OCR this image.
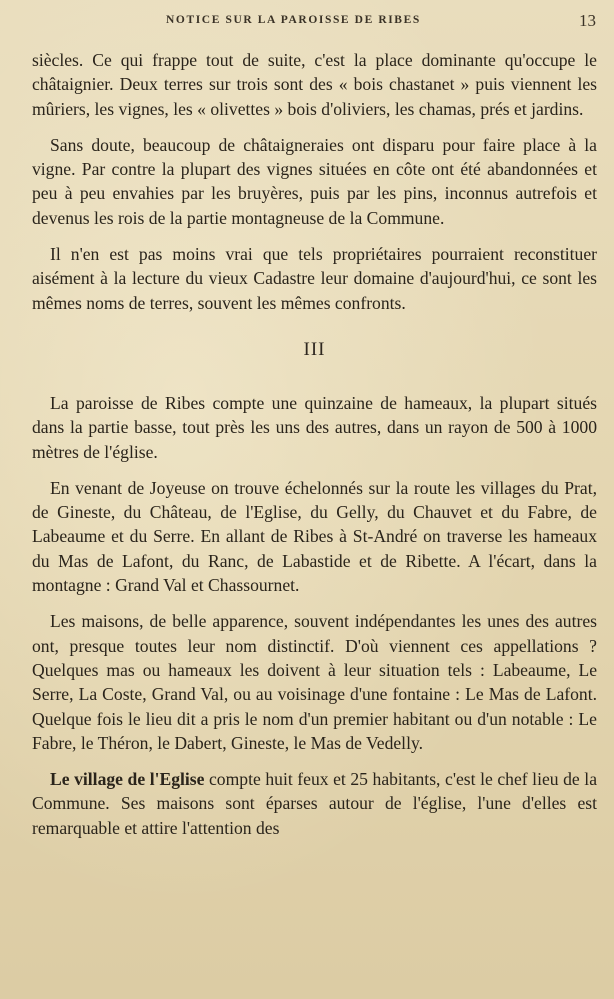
NOTICE SUR LA PAROISSE DE RIBES	13

siècles. Ce qui frappe tout de suite, c'est la place dominante qu'occupe le châtaignier. Deux terres sur trois sont des « bois chastanet » puis viennent les mûriers, les vignes, les « olivettes » bois d'oliviers, les chamas, prés et jardins.

Sans doute, beaucoup de châtaigneraies ont disparu pour faire place à la vigne. Par contre la plupart des vignes situées en côte ont été abandonnées et peu à peu envahies par les bruyères, puis par les pins, inconnus autrefois et devenus les rois de la partie montagneuse de la Commune.

Il n'en est pas moins vrai que tels propriétaires pourraient reconstituer aisément à la lecture du vieux Cadastre leur domaine d'aujourd'hui, ce sont les mêmes noms de terres, souvent les mêmes confronts.

III

La paroisse de Ribes compte une quinzaine de hameaux, la plupart situés dans la partie basse, tout près les uns des autres, dans un rayon de 500 à 1000 mètres de l'église.

En venant de Joyeuse on trouve échelonnés sur la route les villages du Prat, de Gineste, du Château, de l'Eglise, du Gelly, du Chauvet et du Fabre, de Labeaume et du Serre. En allant de Ribes à St-André on traverse les hameaux du Mas de Lafont, du Ranc, de Labastide et de Ribette. A l'écart, dans la montagne : Grand Val et Chassournet.

Les maisons, de belle apparence, souvent indépendantes les unes des autres ont, presque toutes leur nom distinctif. D'où viennent ces appellations ? Quelques mas ou hameaux les doivent à leur situation tels : Labeaume, Le Serre, La Coste, Grand Val, ou au voisinage d'une fontaine : Le Mas de Lafont. Quelque fois le lieu dit a pris le nom d'un premier habitant ou d'un notable : Le Fabre, le Théron, le Dabert, Gineste, le Mas de Vedelly.

Le village de l'Eglise compte huit feux et 25 habitants, c'est le chef lieu de la Commune. Ses maisons sont éparses autour de l'église, l'une d'elles est remarquable et attire l'attention des
